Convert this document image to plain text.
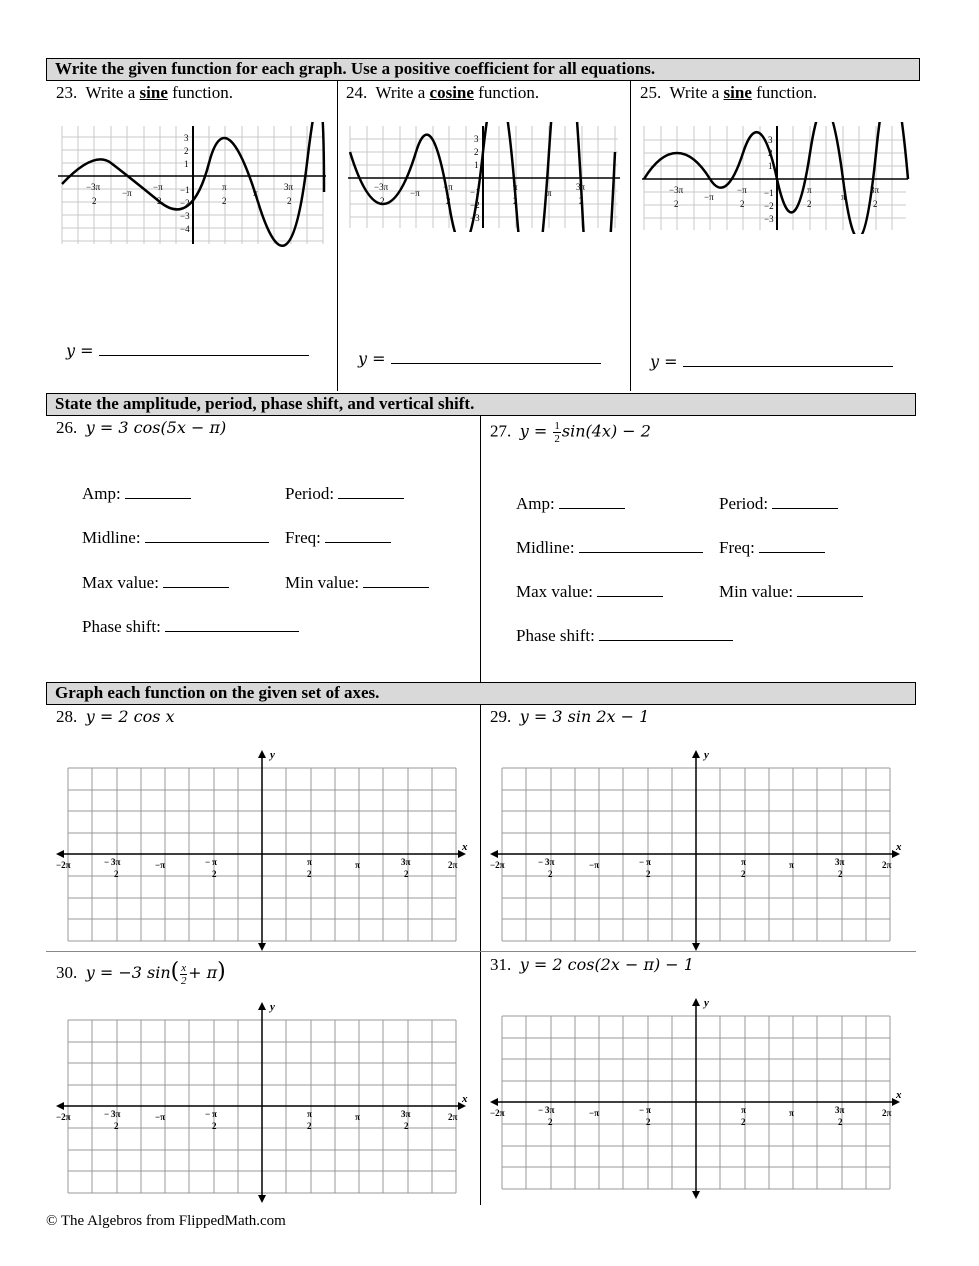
Write the given function for each graph. Use a positive coefficient for all equations.
23. Write a sine function.	24. Write a cosine function.	25. Write a sine function.
3
2
1
−1
−2
−3
−4
−3π
2
−π
2
π
2
3π
2
−π	π
3
2
1
−1
−2
−3
−3π
2
−π
2
π
2
3π
2
−π	π
3
2
1
−1
−2
−3
−3π
2
−π
2
π
2
3π
2
−π	π
y =	y =	y =
State the amplitude, period, phase shift, and vertical shift.
26. y = 3 cos(5x − π)	27. $y = \frac{1}{2} \sin(4x) - 2$
Amp:	Period:
Midline:	Freq:
Max value:	Min value:
Phase shift:
Amp:	Period:
Midline:	Freq:
Max value:	Min value:
Phase shift:
Graph each function on the given set of axes.
28. y = 2 cos x	29. y = 3 sin 2x − 1
30. y = −3 $\sin( \frac{x}{2} + \pi)$	31. y = 2 cos(2x − π) − 1
y
x
−2π	− 3π
2
−π	− π
2
π
2
π	3π
2
2π
y
x
−2π	− 3π
2
−π	− π
2
π
2
π	3π
2
2π
y
x
−2π	− 3π
2
−π	− π
2
π
2
π	3π
2
2π
y
x
−2π	− 3π
2
−π	− π
2
π
2
π	3π
2
2π
© The Algebros from FlippedMath.com
